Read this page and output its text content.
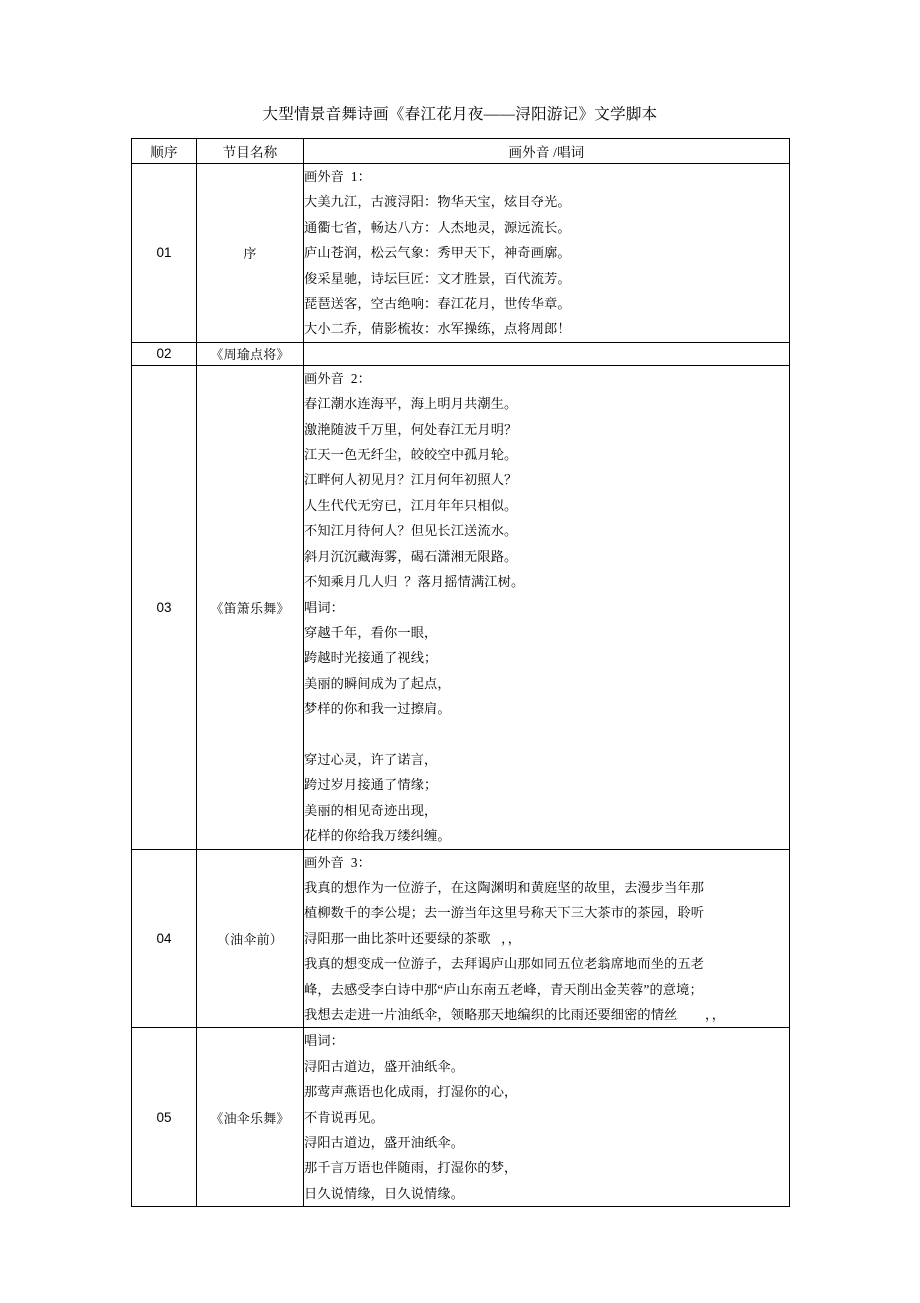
大型情景音舞诗画《春江花月夜——浔阳游记》文学脚本
顺序	节目名称	画外音 /唱词
01	序	
画外音  1：
大美九江，古渡浔阳：物华天宝，炫目夺光。
通衢七省，畅达八方：人杰地灵，源远流长。
庐山苍润，松云气象：秀甲天下，神奇画廓。
俊采星驰，诗坛巨匠：文才胜景，百代流芳。
琵琶送客，空古绝响：春江花月，世传华章。
大小二乔，倩影梳妆：水军操练，点将周郎！

02	《周瑜点将》	
03	《笛箫乐舞》	
画外音  2：
春江潮水连海平，海上明月共潮生。
激滟随波千万里，何处春江无月明？
江天一色无纤尘，皎皎空中孤月轮。
江畔何人初见月？江月何年初照人？
人生代代无穷已，江月年年只相似。
不知江月待何人？但见长江送流水。
斜月沉沉藏海雾，碣石潇湘无限路。
不知乘月几人归  ？落月摇情满江树。
唱词：
穿越千年，看你一眼，
跨越时光接通了视线；
美丽的瞬间成为了起点，
梦样的你和我一过擦肩。
穿过心灵，许了诺言，
跨过岁月接通了情缘；
美丽的相见奇迹出现，
花样的你给我万缕纠缠。

04	（油伞前）	
画外音  3：
我真的想作为一位游子，在这陶渊明和黄庭坚的故里，去漫步当年那
植柳数千的李公堤；去一游当年这里号称天下三大茶市的茶园，聆听
浔阳那一曲比茶叶还要绿的茶歌   ，，
我真的想变成一位游子，去拜谒庐山那如同五位老翁席地而坐的五老
峰，去感受李白诗中那“庐山东南五老峰，青天削出金芙蓉”的意境；
我想去走进一片油纸伞，领略那天地编织的比雨还要细密的情丝        ，，

05	《油伞乐舞》	
唱词：
浔阳古道边，盛开油纸伞。
那莺声燕语也化成雨，打湿你的心，
不肯说再见。
浔阳古道边，盛开油纸伞。
那千言万语也伴随雨，打湿你的梦，
日久说情缘，日久说情缘。
